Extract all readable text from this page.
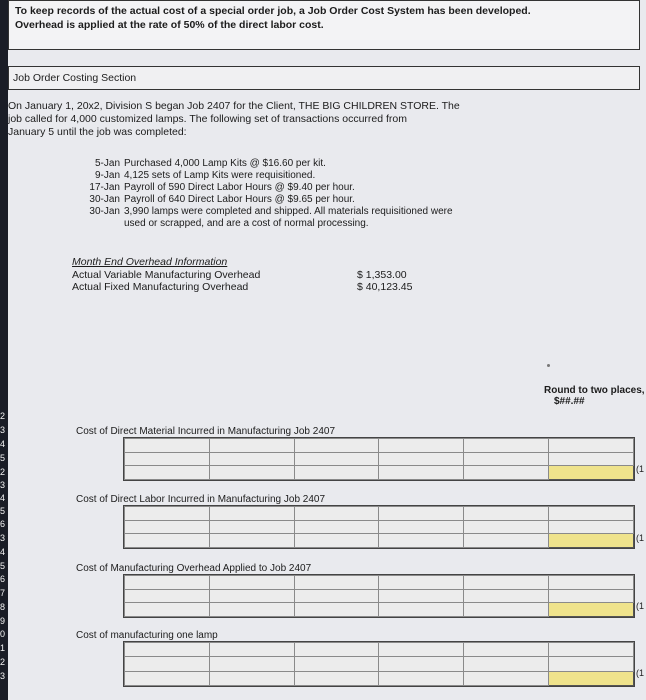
2
3
4
5
2
3
4
5
6
3
4
5
6
7
8
9
0
1
2
3
To keep records of the actual cost of a special order job, a Job Order Cost System has been developed.
Overhead is applied at the rate of 50% of the direct labor cost.
Job Order Costing Section
On January 1, 20x2, Division S began Job 2407 for the Client, THE BIG CHILDREN STORE. The
job called for 4,000 customized lamps. The following set of transactions occurred from
January 5 until the job was completed:
5-Jan Purchased 4,000 Lamp Kits @ $16.60 per kit.
9-Jan 4,125 sets of Lamp Kits were requisitioned.
17-Jan Payroll of 590 Direct Labor Hours @ $9.40 per hour.
30-Jan Payroll of 640 Direct Labor Hours @ $9.65 per hour.
30-Jan 3,990 lamps were completed and shipped. All materials requisitioned were
used or scrapped, and are a cost of normal processing.
Month End Overhead Information
Actual Variable Manufacturing Overhead	$ 1,353.00
Actual Fixed Manufacturing Overhead	$ 40,123.45
Round to two places,
$##.##
Cost of Direct Material Incurred in Manufacturing Job 2407

(1
Cost of Direct Labor Incurred in Manufacturing Job 2407

(1
Cost of Manufacturing Overhead Applied to Job 2407

(1
Cost of manufacturing one lamp

(1
